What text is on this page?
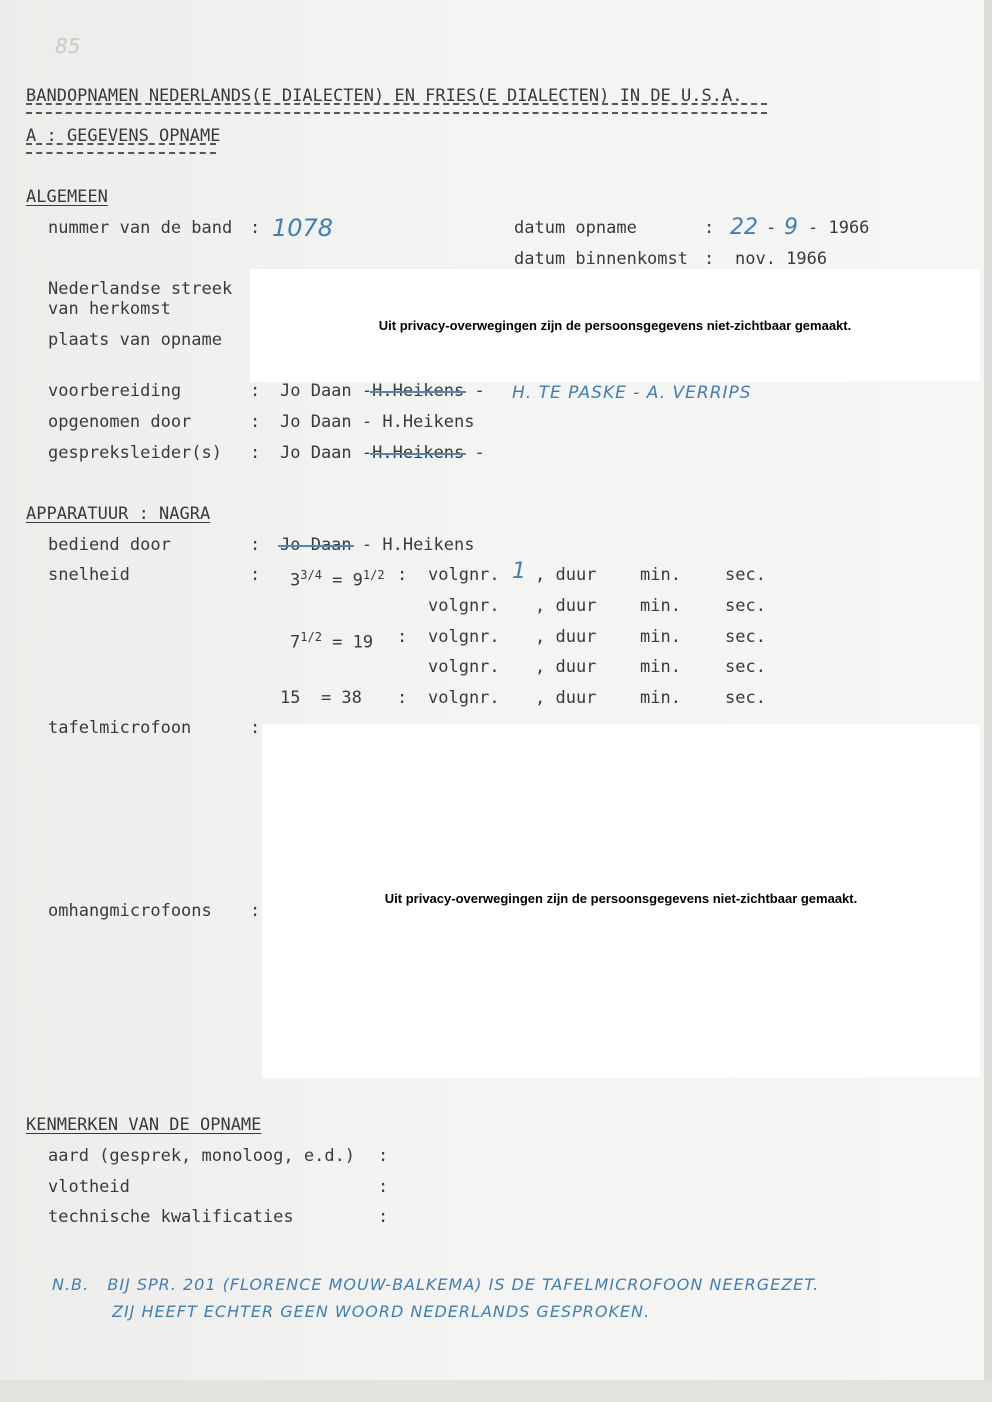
85
BANDOPNAMEN NEDERLANDS(E DIALECTEN) EN FRIES(E DIALECTEN) IN DE U.S.A.
A : GEGEVENS OPNAME
ALGEMEEN
nummer van de band : 1078	datum opname	: 22 - 9 - 1966
datum binnenkomst : nov. 1966
Nederlandse streek
van herkomst
plaats van opname
Uit privacy-overwegingen zijn de persoonsgegevens niet-zichtbaar gemaakt.
voorbereiding	: Jo Daan -H.Heikens - H. TE PASKE - A. VERRIPS
opgenomen door	: Jo Daan - H.Heikens
gespreksleider(s) : Jo Daan -H.Heikens -
APPARATUUR : NAGRA
bediend door	: Jo Daan - H.Heikens
snelheid	: $3^{3/4} = 9^{1/2}$ : volgnr. 1 , duur	min.	sec.
volgnr. , duur	min.	sec.
$7^{1/2} = 19$ : volgnr. , duur	min.	sec.
volgnr. , duur	min.	sec.
15  = 38 : volgnr. , duur	min.	sec.
tafelmicrofoon	:
Uit privacy-overwegingen zijn de persoonsgegevens niet-zichtbaar gemaakt.
omhangmicrofoons :
KENMERKEN VAN DE OPNAME
aard (gesprek, monoloog, e.d.) :
vlotheid	:
technische kwalificaties	:
N.B.   BIJ SPR. 201 (FLORENCE MOUW-BALKEMA) IS DE TAFELMICROFOON NEERGEZET.
ZIJ HEEFT ECHTER GEEN WOORD NEDERLANDS GESPROKEN.
